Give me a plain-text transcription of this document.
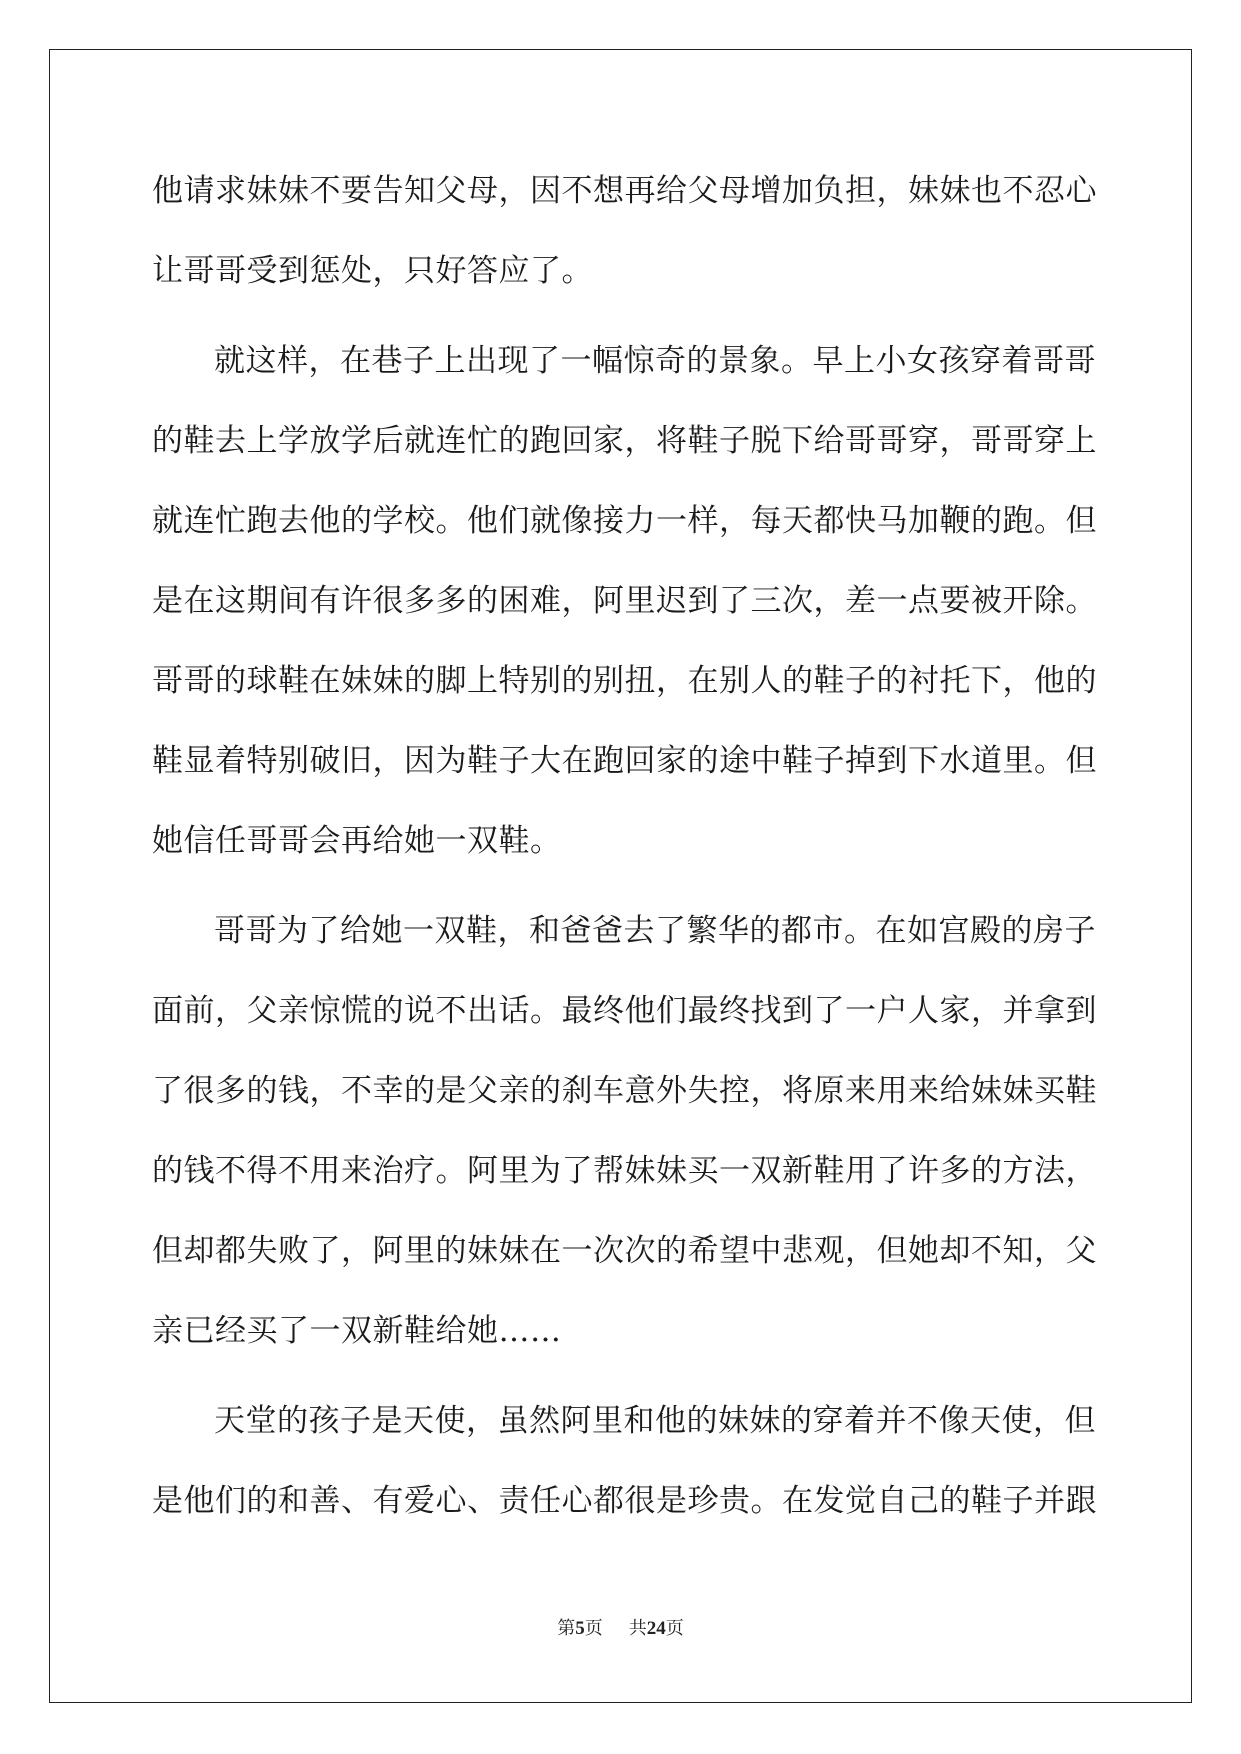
他 请 求 妹 妹 不 要 告 知 父 母 ， 因 不 想 再 给 父 母 增 加 负 担 ， 妹 妹 也 不 忍 心
让哥哥受到惩处，只好答应了。
就 这 样 ， 在 巷 子 上 出 现 了 一 幅 惊 奇 的 景 象 。 早 上 小 女 孩 穿 着 哥 哥
的 鞋 去 上 学 放 学 后 就 连 忙 的 跑 回 家 ， 将 鞋 子 脱 下 给 哥 哥 穿 ， 哥 哥 穿 上
就 连 忙 跑 去 他 的 学 校 。 他 们 就 像 接 力 一 样 ， 每 天 都 快 马 加 鞭 的 跑 。 但
是 在 这 期 间 有 许 很 多 多 的 困 难 ， 阿 里 迟 到 了 三 次 ， 差 一 点 要 被 开 除 。
哥 哥 的 球 鞋 在 妹 妹 的 脚 上 特 别 的 别 扭 ， 在 别 人 的 鞋 子 的 衬 托 下 ， 他 的
鞋 显 着 特 别 破 旧 ， 因 为 鞋 子 大 在 跑 回 家 的 途 中 鞋 子 掉 到 下 水 道 里 。 但
她信任哥哥会再给她一双鞋。
哥 哥 为 了 给 她 一 双 鞋 ， 和 爸 爸 去 了 繁 华 的 都 市 。 在 如 宫 殿 的 房 子
面 前 ， 父 亲 惊 慌 的 说 不 出 话 。 最 终 他 们 最 终 找 到 了 一 户 人 家 ， 并 拿 到
了 很 多 的 钱 ， 不 幸 的 是 父 亲 的 刹 车 意 外 失 控 ， 将 原 来 用 来 给 妹 妹 买 鞋
的 钱 不 得 不 用 来 治 疗 。 阿 里 为 了 帮 妹 妹 买 一 双 新 鞋 用 了 许 多 的 方 法 ，
但 却 都 失 败 了 ， 阿 里 的 妹 妹 在 一 次 次 的 希 望 中 悲 观 ， 但 她 却 不 知 ， 父
亲已经买了一双新鞋给她……
天 堂 的 孩 子 是 天 使 ， 虽 然 阿 里 和 他 的 妹 妹 的 穿 着 并 不 像 天 使 ， 但
是 他 们 的 和 善 、 有 爱 心 、 责 任 心 都 很 是 珍 贵 。 在 发 觉 自 己 的 鞋 子 并 跟
第5页 共24页
